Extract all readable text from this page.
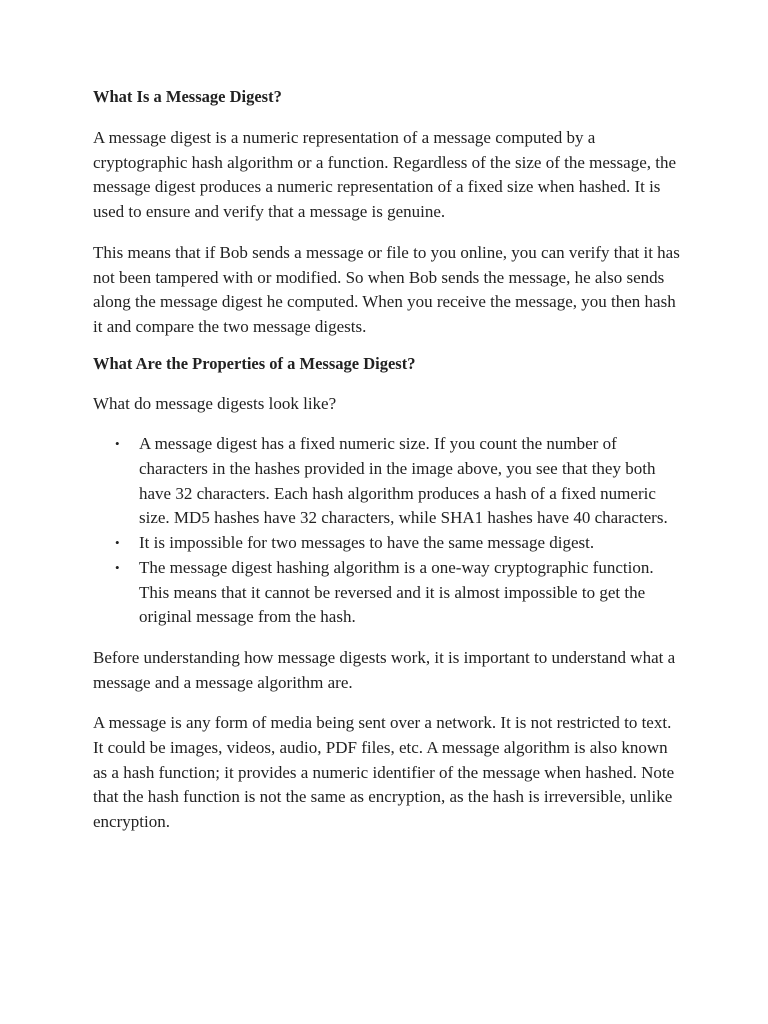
What Is a Message Digest?

A message digest is a numeric representation of a message computed by a cryptographic hash algorithm or a function. Regardless of the size of the message, the message digest produces a numeric representation of a fixed size when hashed. It is used to ensure and verify that a message is genuine.

This means that if Bob sends a message or file to you online, you can verify that it has not been tampered with or modified. So when Bob sends the message, he also sends along the message digest he computed. When you receive the message, you then hash it and compare the two message digests.

What Are the Properties of a Message Digest?

What do message digests look like?

• A message digest has a fixed numeric size. If you count the number of characters in the hashes provided in the image above, you see that they both have 32 characters. Each hash algorithm produces a hash of a fixed numeric size. MD5 hashes have 32 characters, while SHA1 hashes have 40 characters.
• It is impossible for two messages to have the same message digest.
• The message digest hashing algorithm is a one-way cryptographic function. This means that it cannot be reversed and it is almost impossible to get the original message from the hash.

Before understanding how message digests work, it is important to understand what a message and a message algorithm are.

A message is any form of media being sent over a network. It is not restricted to text. It could be images, videos, audio, PDF files, etc. A message algorithm is also known as a hash function; it provides a numeric identifier of the message when hashed. Note that the hash function is not the same as encryption, as the hash is irreversible, unlike encryption.
